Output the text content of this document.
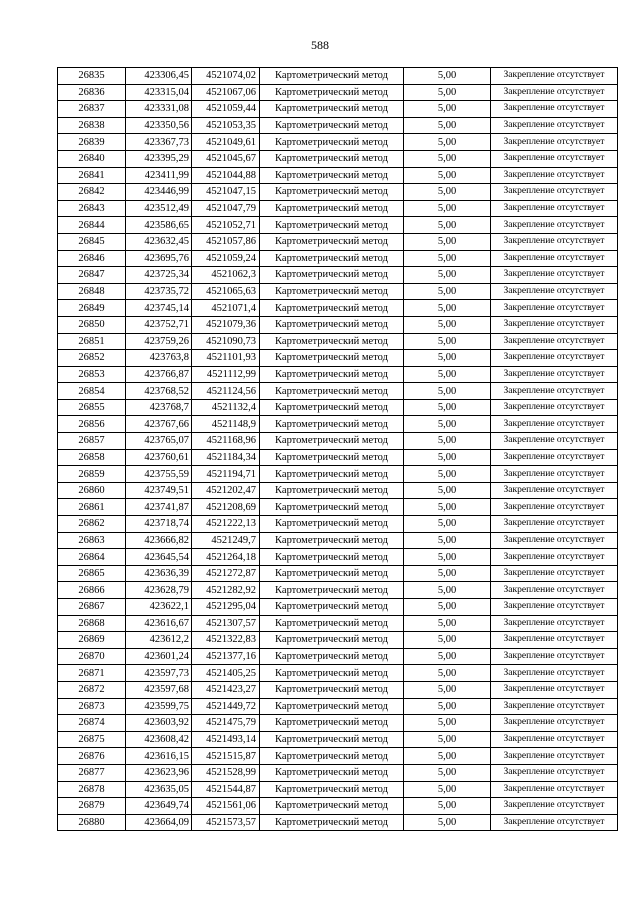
588
26835	423306,45	4521074,02	Картометрический метод	5,00	Закрепление отсутствует
26836	423315,04	4521067,06	Картометрический метод	5,00	Закрепление отсутствует
26837	423331,08	4521059,44	Картометрический метод	5,00	Закрепление отсутствует
26838	423350,56	4521053,35	Картометрический метод	5,00	Закрепление отсутствует
26839	423367,73	4521049,61	Картометрический метод	5,00	Закрепление отсутствует
26840	423395,29	4521045,67	Картометрический метод	5,00	Закрепление отсутствует
26841	423411,99	4521044,88	Картометрический метод	5,00	Закрепление отсутствует
26842	423446,99	4521047,15	Картометрический метод	5,00	Закрепление отсутствует
26843	423512,49	4521047,79	Картометрический метод	5,00	Закрепление отсутствует
26844	423586,65	4521052,71	Картометрический метод	5,00	Закрепление отсутствует
26845	423632,45	4521057,86	Картометрический метод	5,00	Закрепление отсутствует
26846	423695,76	4521059,24	Картометрический метод	5,00	Закрепление отсутствует
26847	423725,34	4521062,3	Картометрический метод	5,00	Закрепление отсутствует
26848	423735,72	4521065,63	Картометрический метод	5,00	Закрепление отсутствует
26849	423745,14	4521071,4	Картометрический метод	5,00	Закрепление отсутствует
26850	423752,71	4521079,36	Картометрический метод	5,00	Закрепление отсутствует
26851	423759,26	4521090,73	Картометрический метод	5,00	Закрепление отсутствует
26852	423763,8	4521101,93	Картометрический метод	5,00	Закрепление отсутствует
26853	423766,87	4521112,99	Картометрический метод	5,00	Закрепление отсутствует
26854	423768,52	4521124,56	Картометрический метод	5,00	Закрепление отсутствует
26855	423768,7	4521132,4	Картометрический метод	5,00	Закрепление отсутствует
26856	423767,66	4521148,9	Картометрический метод	5,00	Закрепление отсутствует
26857	423765,07	4521168,96	Картометрический метод	5,00	Закрепление отсутствует
26858	423760,61	4521184,34	Картометрический метод	5,00	Закрепление отсутствует
26859	423755,59	4521194,71	Картометрический метод	5,00	Закрепление отсутствует
26860	423749,51	4521202,47	Картометрический метод	5,00	Закрепление отсутствует
26861	423741,87	4521208,69	Картометрический метод	5,00	Закрепление отсутствует
26862	423718,74	4521222,13	Картометрический метод	5,00	Закрепление отсутствует
26863	423666,82	4521249,7	Картометрический метод	5,00	Закрепление отсутствует
26864	423645,54	4521264,18	Картометрический метод	5,00	Закрепление отсутствует
26865	423636,39	4521272,87	Картометрический метод	5,00	Закрепление отсутствует
26866	423628,79	4521282,92	Картометрический метод	5,00	Закрепление отсутствует
26867	423622,1	4521295,04	Картометрический метод	5,00	Закрепление отсутствует
26868	423616,67	4521307,57	Картометрический метод	5,00	Закрепление отсутствует
26869	423612,2	4521322,83	Картометрический метод	5,00	Закрепление отсутствует
26870	423601,24	4521377,16	Картометрический метод	5,00	Закрепление отсутствует
26871	423597,73	4521405,25	Картометрический метод	5,00	Закрепление отсутствует
26872	423597,68	4521423,27	Картометрический метод	5,00	Закрепление отсутствует
26873	423599,75	4521449,72	Картометрический метод	5,00	Закрепление отсутствует
26874	423603,92	4521475,79	Картометрический метод	5,00	Закрепление отсутствует
26875	423608,42	4521493,14	Картометрический метод	5,00	Закрепление отсутствует
26876	423616,15	4521515,87	Картометрический метод	5,00	Закрепление отсутствует
26877	423623,96	4521528,99	Картометрический метод	5,00	Закрепление отсутствует
26878	423635,05	4521544,87	Картометрический метод	5,00	Закрепление отсутствует
26879	423649,74	4521561,06	Картометрический метод	5,00	Закрепление отсутствует
26880	423664,09	4521573,57	Картометрический метод	5,00	Закрепление отсутствует
